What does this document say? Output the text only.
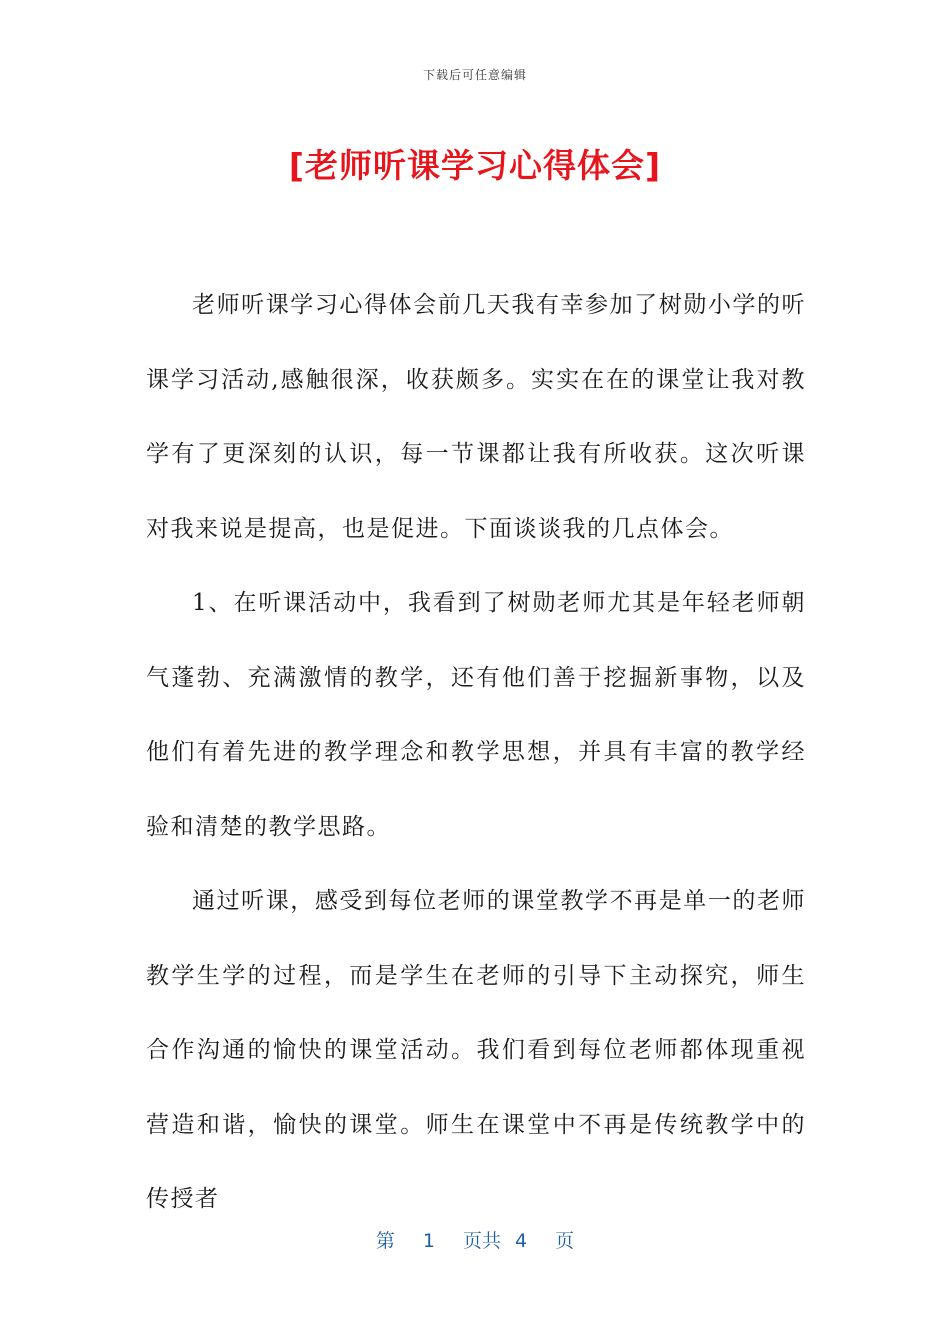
下载后可任意编辑
[老师听课学习心得体会]

老师听课学习心得体会前几天我有幸参加了树勋小学的听课学习活动,感触很深，收获颇多。实实在在的课堂让我对教学有了更深刻的认识，每一节课都让我有所收获。这次听课对我来说是提高，也是促进。下面谈谈我的几点体会。

1、在听课活动中，我看到了树勋老师尤其是年轻老师朝气蓬勃、充满激情的教学，还有他们善于挖掘新事物，以及他们有着先进的教学理念和教学思想，并具有丰富的教学经验和清楚的教学思路。

通过听课，感受到每位老师的课堂教学不再是单一的老师教学生学的过程，而是学生在老师的引导下主动探究，师生合作沟通的愉快的课堂活动。我们看到每位老师都体现重视营造和谐，愉快的课堂。师生在课堂中不再是传统教学中的传授者

第 1 页共 4 页
